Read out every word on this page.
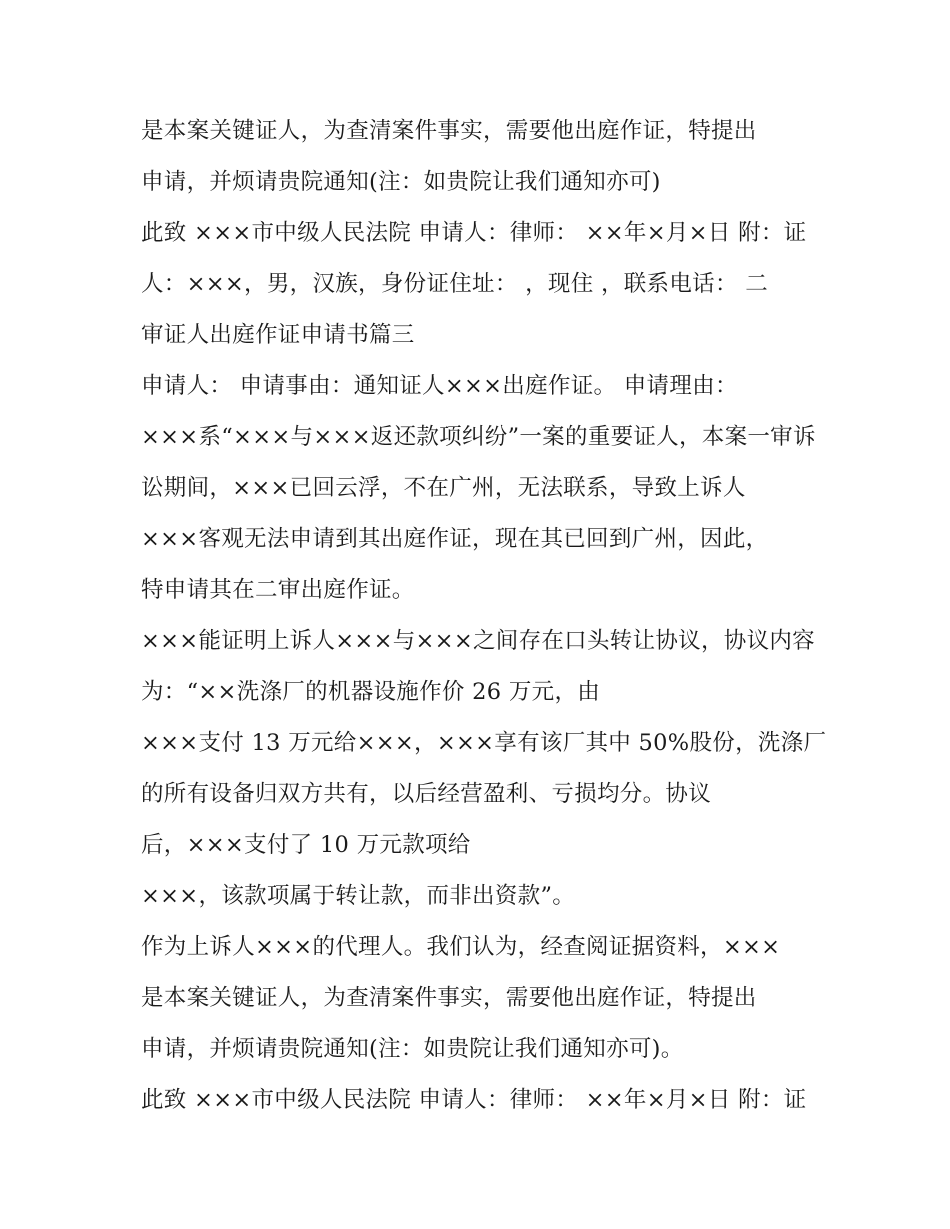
是本案关键证人，为查清案件事实，需要他出庭作证，特提出
申请，并烦请贵院通知(注：如贵院让我们通知亦可)
此致 ×××市中级人民法院 申请人：律师： ××年×月×日 附：证
人：×××，男，汉族，身份证住址： ，现住 ，联系电话： 二
审证人出庭作证申请书篇三
申请人： 申请事由：通知证人×××出庭作证。 申请理由：
×××系“×××与×××返还款项纠纷”一案的重要证人，本案一审诉
讼期间，×××已回云浮，不在广州，无法联系，导致上诉人
×××客观无法申请到其出庭作证，现在其已回到广州，因此，
特申请其在二审出庭作证。
×××能证明上诉人×××与×××之间存在口头转让协议，协议内容
为：“××洗涤厂的机器设施作价 26 万元，由
×××支付 13 万元给×××，×××享有该厂其中 50%股份，洗涤厂
的所有设备归双方共有，以后经营盈利、亏损均分。协议
后，×××支付了 10 万元款项给
×××，该款项属于转让款，而非出资款”。
作为上诉人×××的代理人。我们认为，经查阅证据资料，×××
是本案关键证人，为查清案件事实，需要他出庭作证，特提出
申请，并烦请贵院通知(注：如贵院让我们通知亦可)。
此致 ×××市中级人民法院 申请人：律师： ××年×月×日 附：证
